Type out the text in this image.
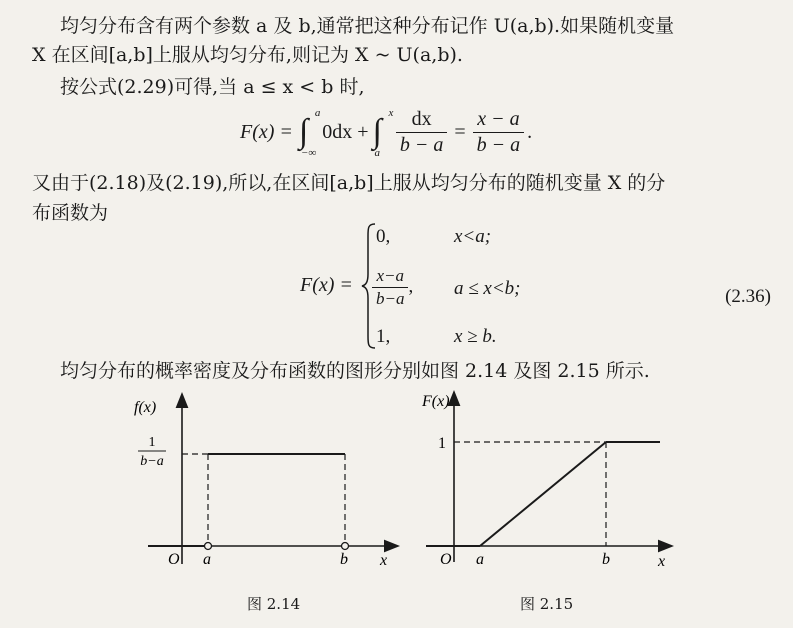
均匀分布含有两个参数 a 及 b,通常把这种分布记作 U(a,b).如果随机变量
X 在区间[a,b]上服从均匀分布,则记为 X ~ U(a,b).
按公式(2.29)可得,当 a ≤ x < b 时,
F(x) = ∫ a
−∞
0dx + ∫ x
a $\frac{dx}{b - a} = \frac{x - a}{b - a}$ .
又由于(2.18)及(2.19),所以,在区间[a,b]上服从均匀分布的随机变量 X 的分
布函数为
F(x) =
0,	x<a;
$\frac{x-a}{b-a}$ , a ≤ x<b;
1,	x ≥ b.
(2.36)
均匀分布的概率密度及分布函数的图形分别如图 2.14 及图 2.15 所示.
f(x)
x
O a	b
1
b−a
图 2.14
F(x)
x
O a	b
1
图 2.15
